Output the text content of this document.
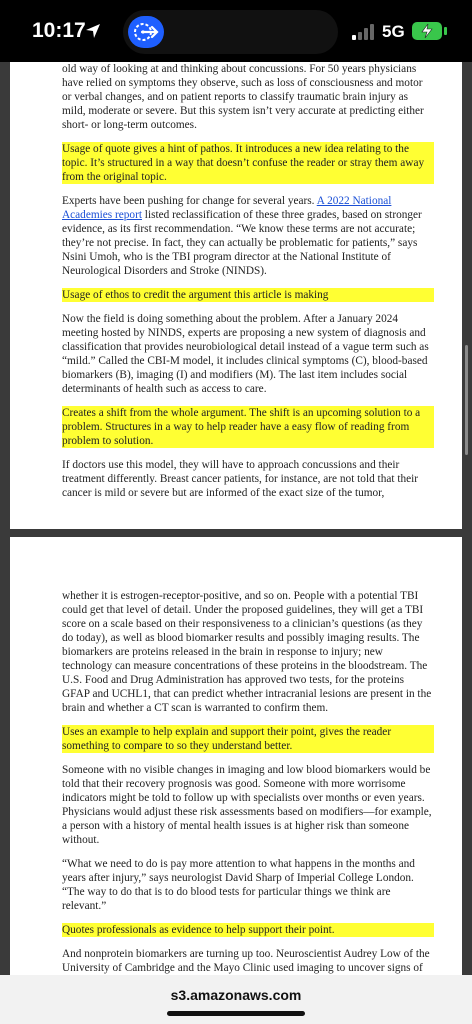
10:17	5G

old way of looking at and thinking about concussions. For 50 years physicians have relied on symptoms they observe, such as loss of consciousness and motor or verbal changes, and on patient reports to classify traumatic brain injury as mild, moderate or severe. But this system isn’t very accurate at predicting either short- or long-term outcomes.

Usage of quote gives a hint of pathos. It introduces a new idea relating to the topic. It’s structured in a way that doesn’t confuse the reader or stray them away from the original topic.

Experts have been pushing for change for several years. A 2022 National Academies report listed reclassification of these three grades, based on stronger evidence, as its first recommendation. “We know these terms are not accurate; they’re not precise. In fact, they can actually be problematic for patients,” says Nsini Umoh, who is the TBI program director at the National Institute of Neurological Disorders and Stroke (NINDS).

Usage of ethos to credit the argument this article is making

Now the field is doing something about the problem. After a January 2024 meeting hosted by NINDS, experts are proposing a new system of diagnosis and classification that provides neurobiological detail instead of a vague term such as “mild.” Called the CBI-M model, it includes clinical symptoms (C), blood-based biomarkers (B), imaging (I) and modifiers (M). The last item includes social determinants of health such as access to care.

Creates a shift from the whole argument. The shift is an upcoming solution to a problem. Structures in a way to help reader have a easy flow of reading from problem to solution.

If doctors use this model, they will have to approach concussions and their treatment differently. Breast cancer patients, for instance, are not told that their cancer is mild or severe but are informed of the exact size of the tumor,

whether it is estrogen-receptor-positive, and so on. People with a potential TBI could get that level of detail. Under the proposed guidelines, they will get a TBI score on a scale based on their responsiveness to a clinician’s questions (as they do today), as well as blood biomarker results and possibly imaging results. The biomarkers are proteins released in the brain in response to injury; new technology can measure concentrations of these proteins in the bloodstream. The U.S. Food and Drug Administration has approved two tests, for the proteins GFAP and UCHL1, that can predict whether intracranial lesions are present in the brain and whether a CT scan is warranted to confirm them.

Uses an example to help explain and support their point, gives the reader something to compare to so they understand better.

Someone with no visible changes in imaging and low blood biomarkers would be told that their recovery prognosis was good. Someone with more worrisome indicators might be told to follow up with specialists over months or even years. Physicians would adjust these risk assessments based on modifiers—for example, a person with a history of mental health issues is at higher risk than someone without.

“What we need to do is pay more attention to what happens in the months and years after injury,” says neurologist David Sharp of Imperial College London. “The way to do that is to do blood tests for particular things we think are relevant.”

Quotes professionals as evidence to help support their point.

And nonprotein biomarkers are turning up too. Neuroscientist Audrey Low of the University of Cambridge and the Mayo Clinic used imaging to uncover signs of

s3.amazonaws.com
